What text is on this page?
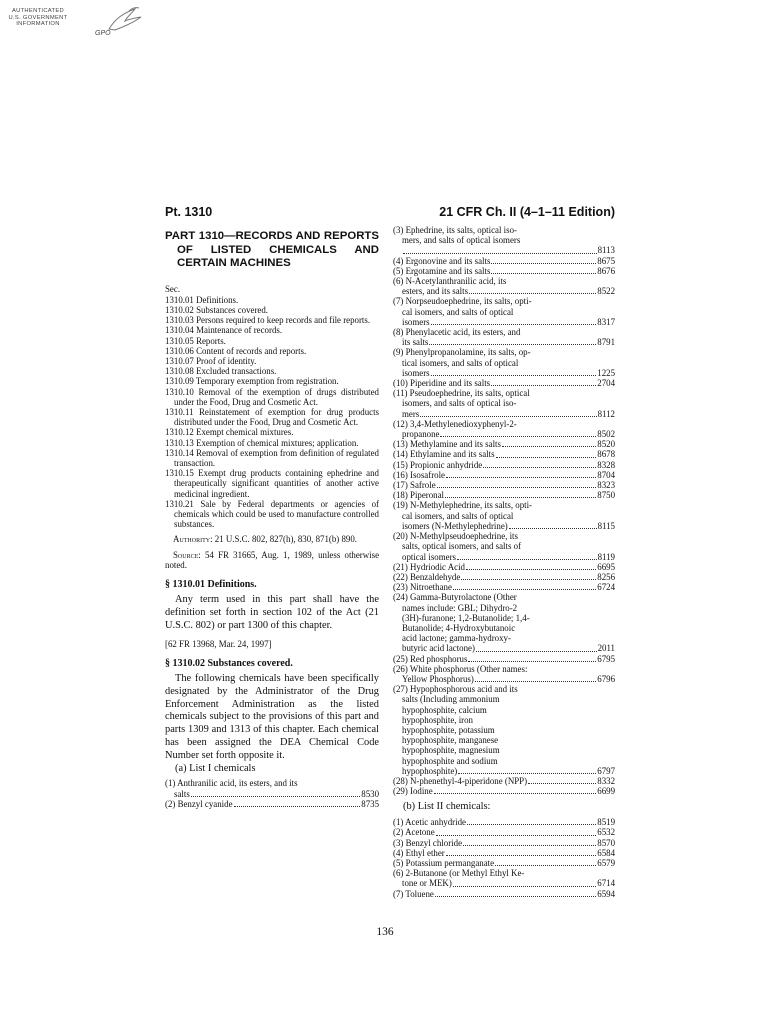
AUTHENTICATED
U.S. GOVERNMENT
INFORMATION
GPO
Pt. 1310	21 CFR Ch. II (4–1–11 Edition)
PART 1310—RECORDS AND REPORTS OF LISTED CHEMICALS AND CERTAIN MACHINES
Sec.
1310.01 Definitions.
1310.02 Substances covered.
1310.03 Persons required to keep records and file reports.
1310.04 Maintenance of records.
1310.05 Reports.
1310.06 Content of records and reports.
1310.07 Proof of identity.
1310.08 Excluded transactions.
1310.09 Temporary exemption from registration.
1310.10 Removal of the exemption of drugs distributed under the Food, Drug and Cosmetic Act.
1310.11 Reinstatement of exemption for drug products distributed under the Food, Drug and Cosmetic Act.
1310.12 Exempt chemical mixtures.
1310.13 Exemption of chemical mixtures; application.
1310.14 Removal of exemption from definition of regulated transaction.
1310.15 Exempt drug products containing ephedrine and therapeutically significant quantities of another active medicinal ingredient.
1310.21 Sale by Federal departments or agencies of chemicals which could be used to manufacture controlled substances.

Authority: 21 U.S.C. 802, 827(h), 830, 871(b) 890.

Source: 54 FR 31665, Aug. 1, 1989, unless otherwise noted.

§ 1310.01 Definitions.

Any term used in this part shall have the definition set forth in section 102 of the Act (21 U.S.C. 802) or part 1300 of this chapter.

[62 FR 13968, Mar. 24, 1997]

§ 1310.02 Substances covered.

The following chemicals have been specifically designated by the Administrator of the Drug Enforcement Administration as the listed chemicals subject to the provisions of this part and parts 1309 and 1313 of this chapter. Each chemical has been assigned the DEA Chemical Code Number set forth opposite it.

(a) List I chemicals
(1) Anthranilic acid, its esters, and its
salts	8530
(2) Benzyl cyanide	8735
(3) Ephedrine, its salts, optical iso-
mers, and salts of optical isomers
8113
(4) Ergonovine and its salts	8675
(5) Ergotamine and its salts	8676
(6) N-Acetylanthranilic acid, its
esters, and its salts	8522
(7) Norpseudoephedrine, its salts, opti-
cal isomers, and salts of optical
isomers	8317
(8) Phenylacetic acid, its esters, and
its salts	8791
(9) Phenylpropanolamine, its salts, op-
tical isomers, and salts of optical
isomers	1225
(10) Piperidine and its salts	2704
(11) Pseudoephedrine, its salts, optical
isomers, and salts of optical iso-
mers	8112
(12) 3,4-Methylenedioxyphenyl-2-
propanone	8502
(13) Methylamine and its salts	8520
(14) Ethylamine and its salts	8678
(15) Propionic anhydride	8328
(16) Isosafrole	8704
(17) Safrole	8323
(18) Piperonal	8750
(19) N-Methylephedrine, its salts, opti-
cal isomers, and salts of optical
isomers (N-Methylephedrine)	8115
(20) N-Methylpseudoephedrine, its
salts, optical isomers, and salts of
optical isomers	8119
(21) Hydriodic Acid	6695
(22) Benzaldehyde	8256
(23) Nitroethane	6724
(24) Gamma-Butyrolactone (Other
names include: GBL; Dihydro-2
(3H)-furanone; 1,2-Butanolide; 1,4-
Butanolide; 4-Hydroxybutanoic
acid lactone; gamma-hydroxy-
butyric acid lactone)	2011
(25) Red phosphorus	6795
(26) White phosphorus (Other names:
Yellow Phosphorus)	6796
(27) Hypophosphorous acid and its
salts (Including ammonium
hypophosphite, calcium
hypophosphite, iron
hypophosphite, potassium
hypophosphite, manganese
hypophosphite, magnesium
hypophosphite and sodium
hypophosphite)	6797
(28) N-phenethyl-4-piperidone (NPP)	8332
(29) Iodine	6699
(b) List II chemicals:
(1) Acetic anhydride	8519
(2) Acetone	6532
(3) Benzyl chloride	8570
(4) Ethyl ether	6584
(5) Potassium permanganate	6579
(6) 2-Butanone (or Methyl Ethyl Ke-
tone or MEK)	6714
(7) Toluene	6594
136
